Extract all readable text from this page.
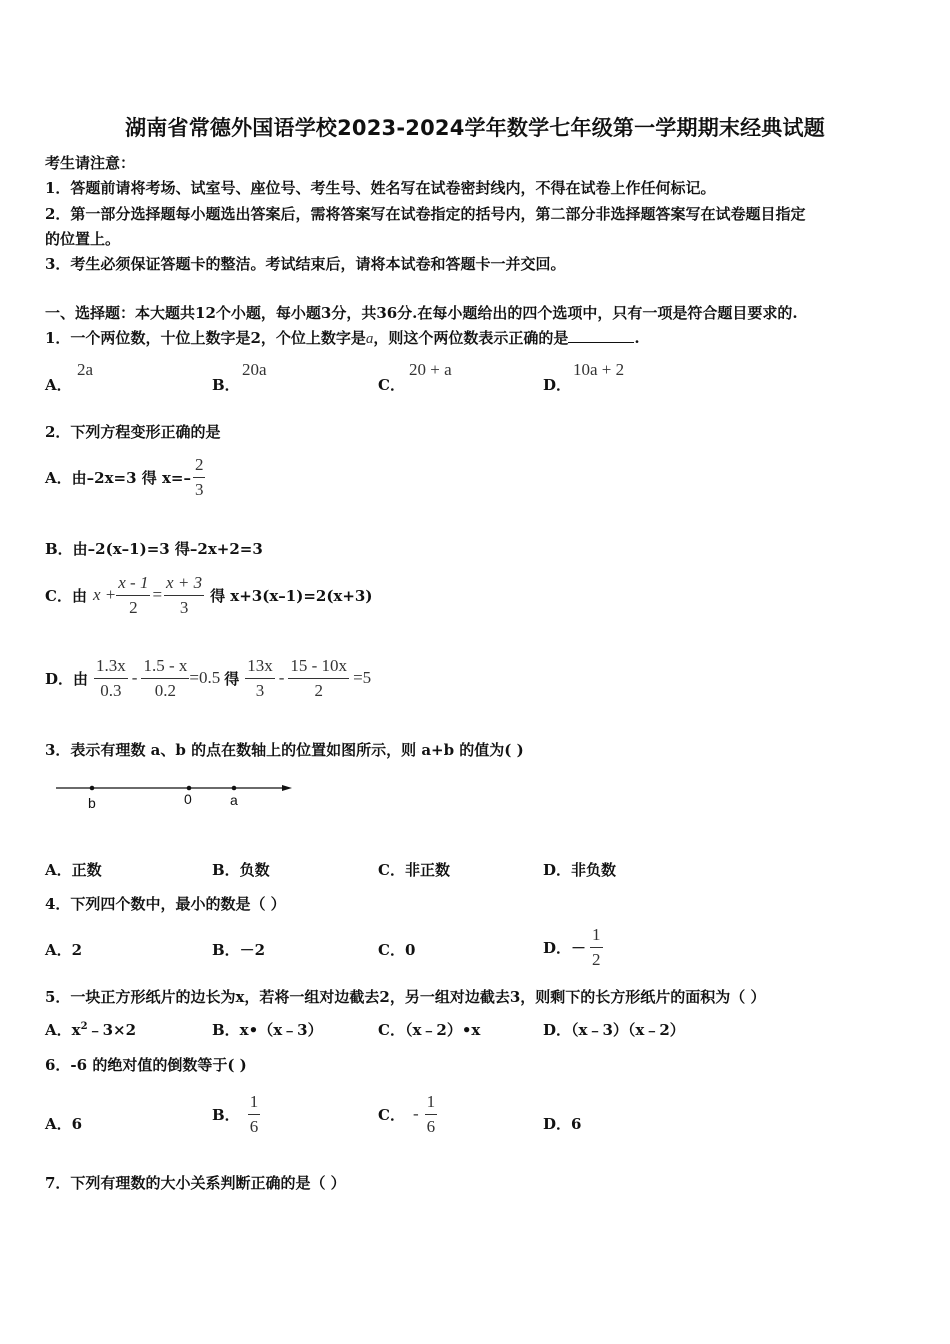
湖南省常德外国语学校2023-2024学年数学七年级第一学期期末经典试题
考生请注意：
1．答题前请将考场、试室号、座位号、考生号、姓名写在试卷密封线内，不得在试卷上作任何标记。
2．第一部分选择题每小题选出答案后，需将答案写在试卷指定的括号内，第二部分非选择题答案写在试卷题目指定
的位置上。
3．考生必须保证答题卡的整洁。考试结束后，请将本试卷和答题卡一并交回。
一、选择题：本大题共12个小题，每小题3分，共36分.在每小题给出的四个选项中，只有一项是符合题目要求的.
1．一个两位数，十位上数字是2，个位上数字是a，则这个两位数表示正确的是	.
A．
2a
B．
20a
C．
20 + a
D．
10a + 2
2．下列方程变形正确的是
A．由 –2x=3 得 $x=- \frac{2}{3}$
B．由–2(x–1)=3 得–2x+2=3
C．由 $x + \frac{x - 1}{2} = \frac{x + 3}{3}$ 得 x+3(x–1)=2(x+3)
D．由 $\frac{1.3x}{0.3} - \frac{1.5 - x}{0.2} =0.5$ 得 $\frac{13x}{3} - \frac{15 - 10x}{2} =5$
3．表示有理数 a、b 的点在数轴上的位置如图所示，则 a+b 的值为( )
b	0	a
A．正数	B．负数	C．非正数	D．非负数
4．下列四个数中，最小的数是（ ）
A．2	B．－2	C．0	D．－ $\frac{1}{2}$
5．一块正方形纸片的边长为x，若将一组对边截去2，另一组对边截去3，则剩下的长方形纸片的面积为（ ）
A．$x^2﹣3\times 2$	B．x•（x﹣3）	C．（x﹣2）•x	D．（x﹣3）（x﹣2）
6．-6 的绝对值的倒数等于( )
A．6
B． $\frac{1}{6}$	C． - $\frac{1}{6}$	D．6
7．下列有理数的大小关系判断正确的是（ ）
